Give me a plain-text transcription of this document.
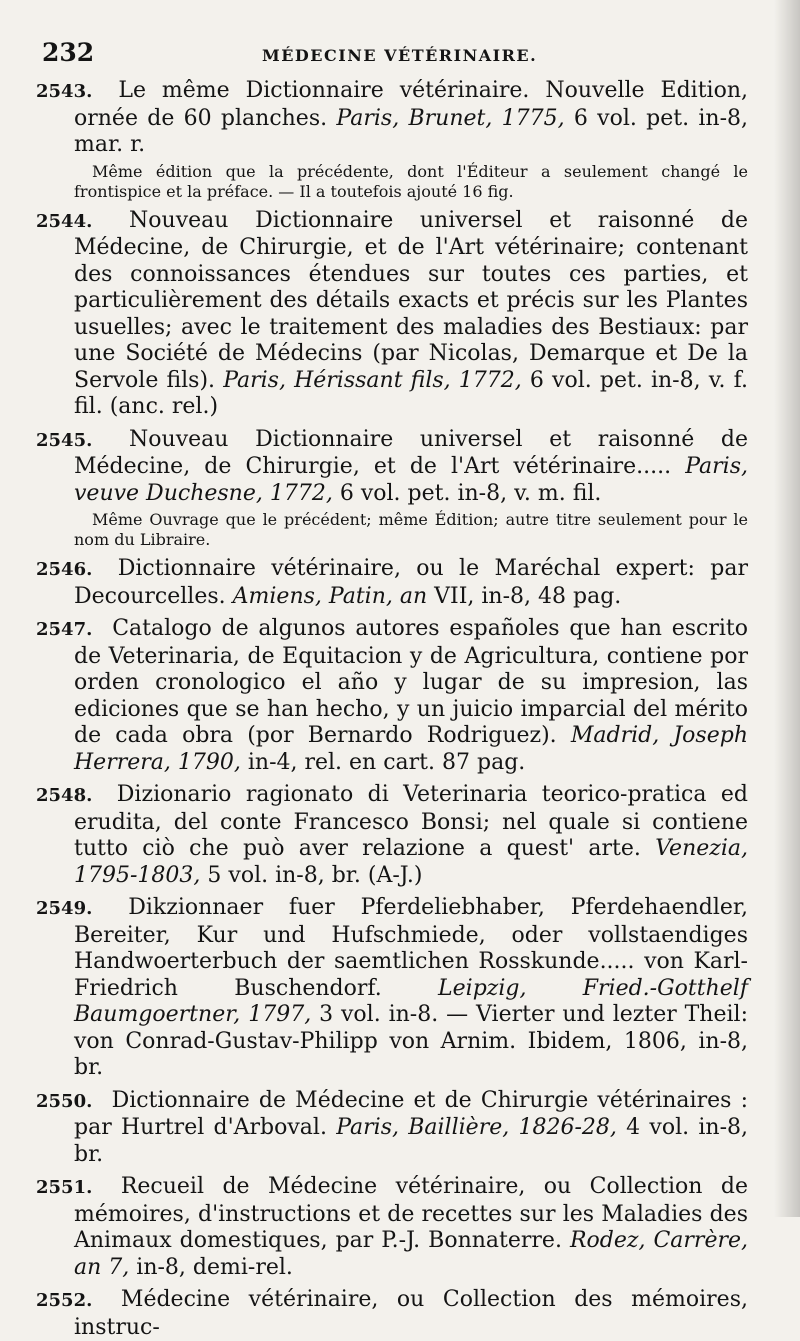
232	MÉDECINE VÉTÉRINAIRE.
2543. Le même Dictionnaire vétérinaire. Nouvelle Edition, ornée de 60 planches. Paris, Brunet, 1775, 6 vol. pet. in-8, mar. r.
Même édition que la précédente, dont l'Éditeur a seulement changé le frontispice et la préface. — Il a toutefois ajouté 16 fig.
2544. Nouveau Dictionnaire universel et raisonné de Médecine, de Chirurgie, et de l'Art vétérinaire; contenant des connoissances étendues sur toutes ces parties, et particulièrement des détails exacts et précis sur les Plantes usuelles; avec le traitement des maladies des Bestiaux: par une Société de Médecins (par Nicolas, Demarque et De la Servole fils). Paris, Hérissant fils, 1772, 6 vol. pet. in-8, v. f. fil. (anc. rel.)
2545. Nouveau Dictionnaire universel et raisonné de Médecine, de Chirurgie, et de l'Art vétérinaire..... Paris, veuve Duchesne, 1772, 6 vol. pet. in-8, v. m. fil.
Même Ouvrage que le précédent; même Édition; autre titre seulement pour le nom du Libraire.
2546. Dictionnaire vétérinaire, ou le Maréchal expert: par Decourcelles. Amiens, Patin, an VII, in-8, 48 pag.
2547. Catalogo de algunos autores españoles que han escrito de Veterinaria, de Equitacion y de Agricultura, contiene por orden cronologico el año y lugar de su impresion, las ediciones que se han hecho, y un juicio imparcial del mérito de cada obra (por Bernardo Rodriguez). Madrid, Joseph Herrera, 1790, in-4, rel. en cart. 87 pag.
2548. Dizionario ragionato di Veterinaria teorico-pratica ed erudita, del conte Francesco Bonsi; nel quale si contiene tutto ciò che può aver relazione a quest' arte. Venezia, 1795-1803, 5 vol. in-8, br. (A-J.)
2549. Dikzionnaer fuer Pferdeliebhaber, Pferdehaendler, Bereiter, Kur und Hufschmiede, oder vollstaendiges Handwoerterbuch der saemtlichen Rosskunde..... von Karl-Friedrich Buschendorf.	Leipzig, Fried.-Gotthelf Baumgoertner, 1797, 3 vol. in-8. — Vierter und lezter Theil: von Conrad-Gustav-Philipp von Arnim. Ibidem, 1806, in-8, br.
2550. Dictionnaire de Médecine et de Chirurgie vétérinaires : par Hurtrel d'Arboval. Paris, Baillière, 1826-28, 4 vol. in-8, br.
2551. Recueil de Médecine vétérinaire, ou Collection de mémoires, d'instructions et de recettes sur les Maladies des Animaux domestiques, par P.-J. Bonnaterre. Rodez, Carrère, an 7, in-8, demi-rel.
2552. Médecine vétérinaire, ou Collection des mémoires, instruc-
